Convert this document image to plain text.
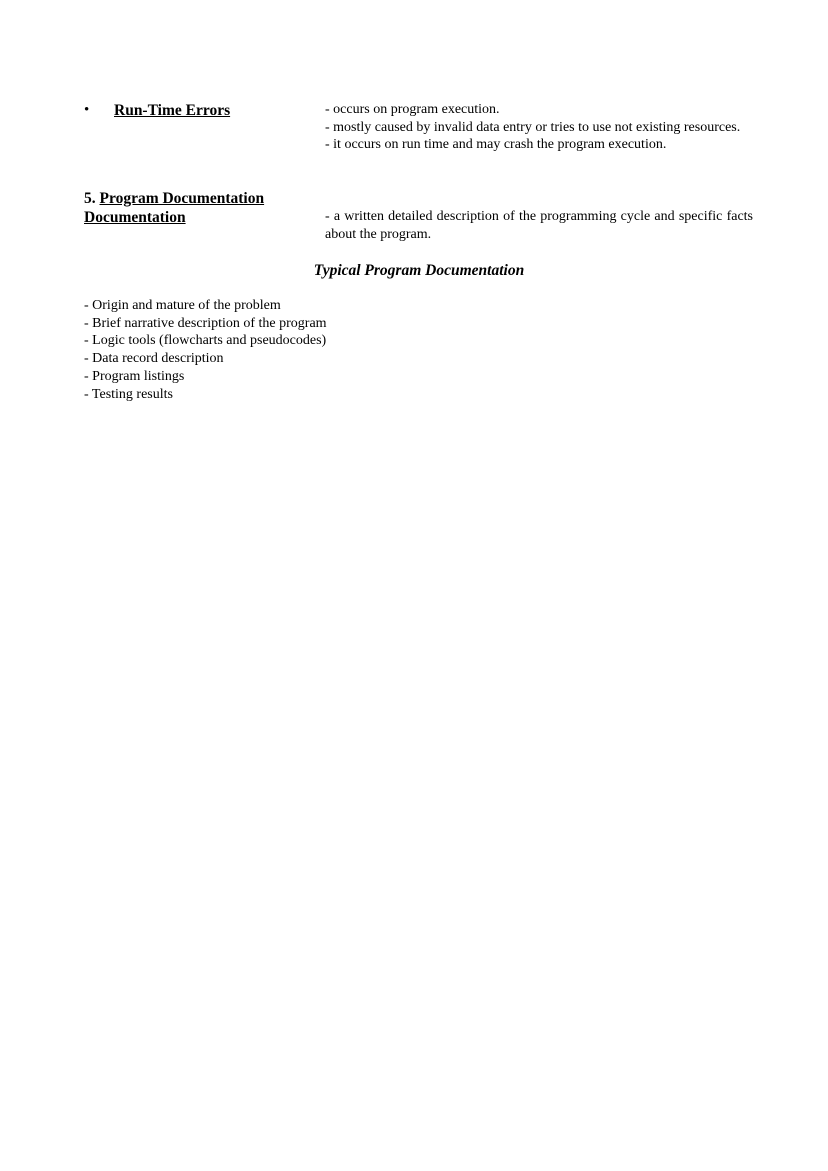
• Run-Time Errors	- occurs on program execution.

- mostly caused by invalid data entry or tries to use not existing resources.

- it occurs on run time and may crash the program execution.

5. Program Documentation
Documentation	- a written detailed description of the programming cycle and specific facts about the program.

Typical Program Documentation
- Origin and mature of the problem
- Brief narrative description of the program
- Logic tools (flowcharts and pseudocodes)
- Data record description
- Program listings
- Testing results
